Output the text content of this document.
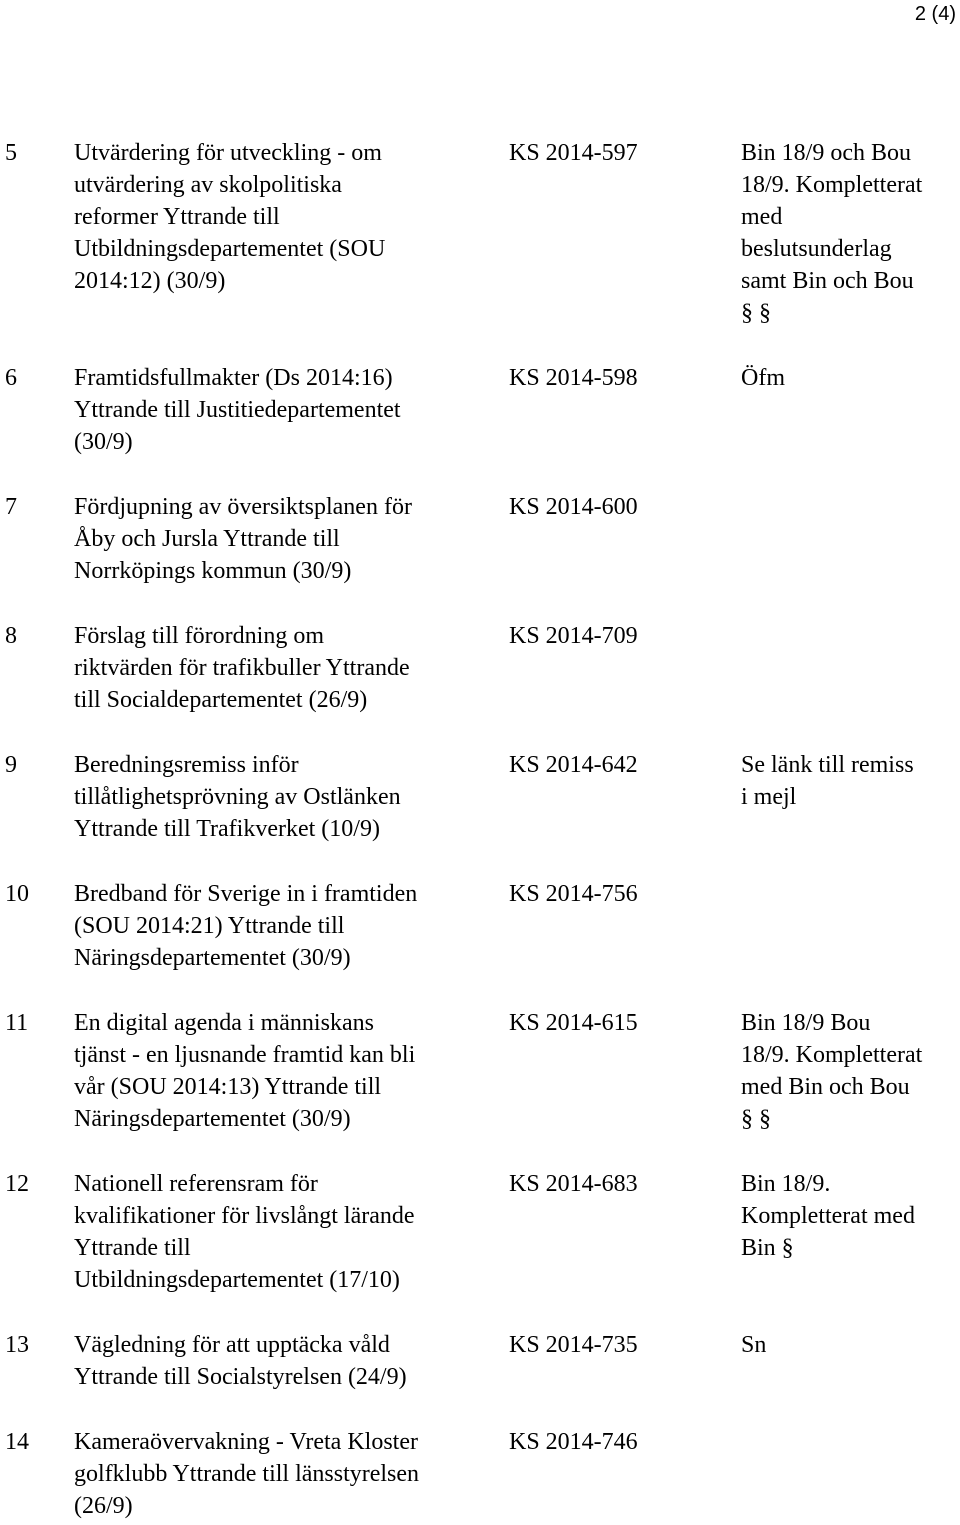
2 (4)
5 Utvärdering för utveckling - om
utvärdering av skolpolitiska
reformer Yttrande till
Utbildningsdepartementet (SOU
2014:12) (30/9)
KS 2014-597	Bin 18/9 och Bou
18/9. Kompletterat
med
beslutsunderlag
samt Bin och Bou
§ §
6 Framtidsfullmakter (Ds 2014:16)
Yttrande till Justitiedepartementet
(30/9)
KS 2014-598	Öfm
7 Fördjupning av översiktsplanen för
Åby och Jursla Yttrande till
Norrköpings kommun (30/9)
KS 2014-600
8 Förslag till förordning om
riktvärden för trafikbuller Yttrande
till Socialdepartementet (26/9)
KS 2014-709
9 Beredningsremiss inför
tillåtlighetsprövning av Ostlänken
Yttrande till Trafikverket (10/9)
KS 2014-642	Se länk till remiss
i mejl
10 Bredband för Sverige in i framtiden
(SOU 2014:21) Yttrande till
Näringsdepartementet (30/9)
KS 2014-756
11 En digital agenda i människans
tjänst - en ljusnande framtid kan bli
vår (SOU 2014:13) Yttrande till
Näringsdepartementet (30/9)
KS 2014-615	Bin 18/9 Bou
18/9. Kompletterat
med Bin och Bou
§ §
12 Nationell referensram för
kvalifikationer för livslångt lärande
Yttrande till
Utbildningsdepartementet (17/10)
KS 2014-683	Bin 18/9.
Kompletterat med
Bin §
13 Vägledning för att upptäcka våld
Yttrande till Socialstyrelsen (24/9)
KS 2014-735	Sn
14 Kameraövervakning - Vreta Kloster
golfklubb Yttrande till länsstyrelsen
(26/9)
KS 2014-746
